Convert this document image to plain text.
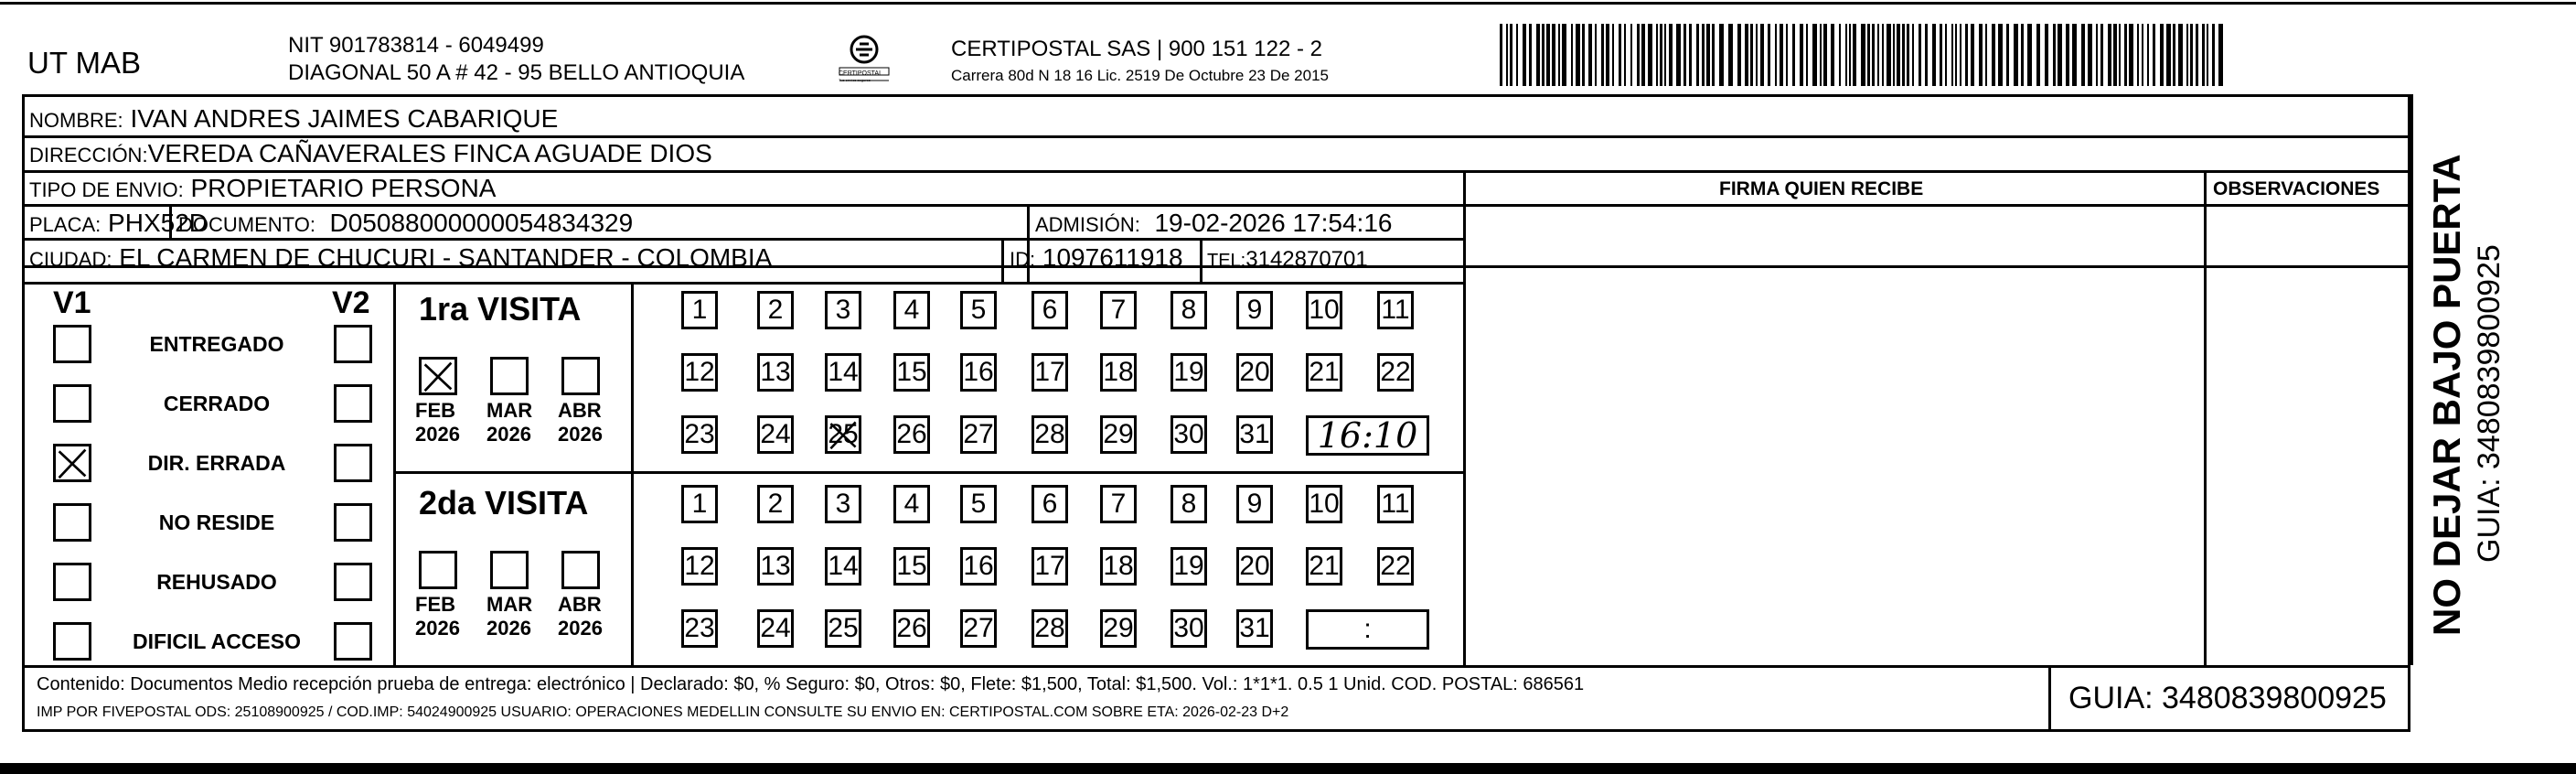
UT MAB
NIT 901783814 - 6049499
DIAGONAL 50 A # 42 - 95 BELLO ANTIOQUIA	CERTIPOSTAL
Tus envíos seguros
CERTIPOSTAL SAS | 900 151 122 - 2
Carrera 80d N 18 16 Lic. 2519 De Octubre 23 De 2015
NOMBRE: IVAN ANDRES JAIMES CABARIQUE
DIRECCIÓN:VEREDA CAÑAVERALES FINCA AGUADE DIOS
TIPO DE ENVIO: PROPIETARIO PERSONA
PLACA: PHX52D
DOCUMENTO: D05088000000054834329	ADMISIÓN: 19-02-2026 17:54:16
CIUDAD: EL CARMEN DE CHUCURI - SANTANDER - COLOMBIA	ID: 1097611918 TEL:3142870701
FIRMA QUIEN RECIBE	OBSERVACIONES
V1	V2
ENTREGADO
CERRADO
DIR. ERRADA
NO RESIDE
REHUSADO
DIFICIL ACCESO
1ra VISITA
2da VISITA
1 2 3 4 5 6 7 8 9 10 11
12 13 14 15 16 17 18 19 20 21 22
23 24 25 26 27 28 29 30 31 16:10
FEB
2026
MAR
2026
ABR
2026
1 2 3 4 5 6 7 8 9 10 11
12 13 14 15 16 17 18 19 20 21 22
23 24 25 26 27 28 29 30 31	:
FEB
2026
MAR
2026
ABR
2026	NO DEJAR BAJO PUERTA GUIA: 3480839800925
Contenido: Documentos Medio recepción prueba de entrega: electrónico | Declarado: $0, % Seguro: $0, Otros: $0, Flete: $1,500, Total: $1,500. Vol.: 1*1*1. 0.5 1 Unid. COD. POSTAL: 686561
IMP POR FIVEPOSTAL ODS: 25108900925 / COD.IMP: 54024900925 USUARIO: OPERACIONES MEDELLIN CONSULTE SU ENVIO EN: CERTIPOSTAL.COM SOBRE ETA: 2026-02-23 D+2	GUIA: 3480839800925
